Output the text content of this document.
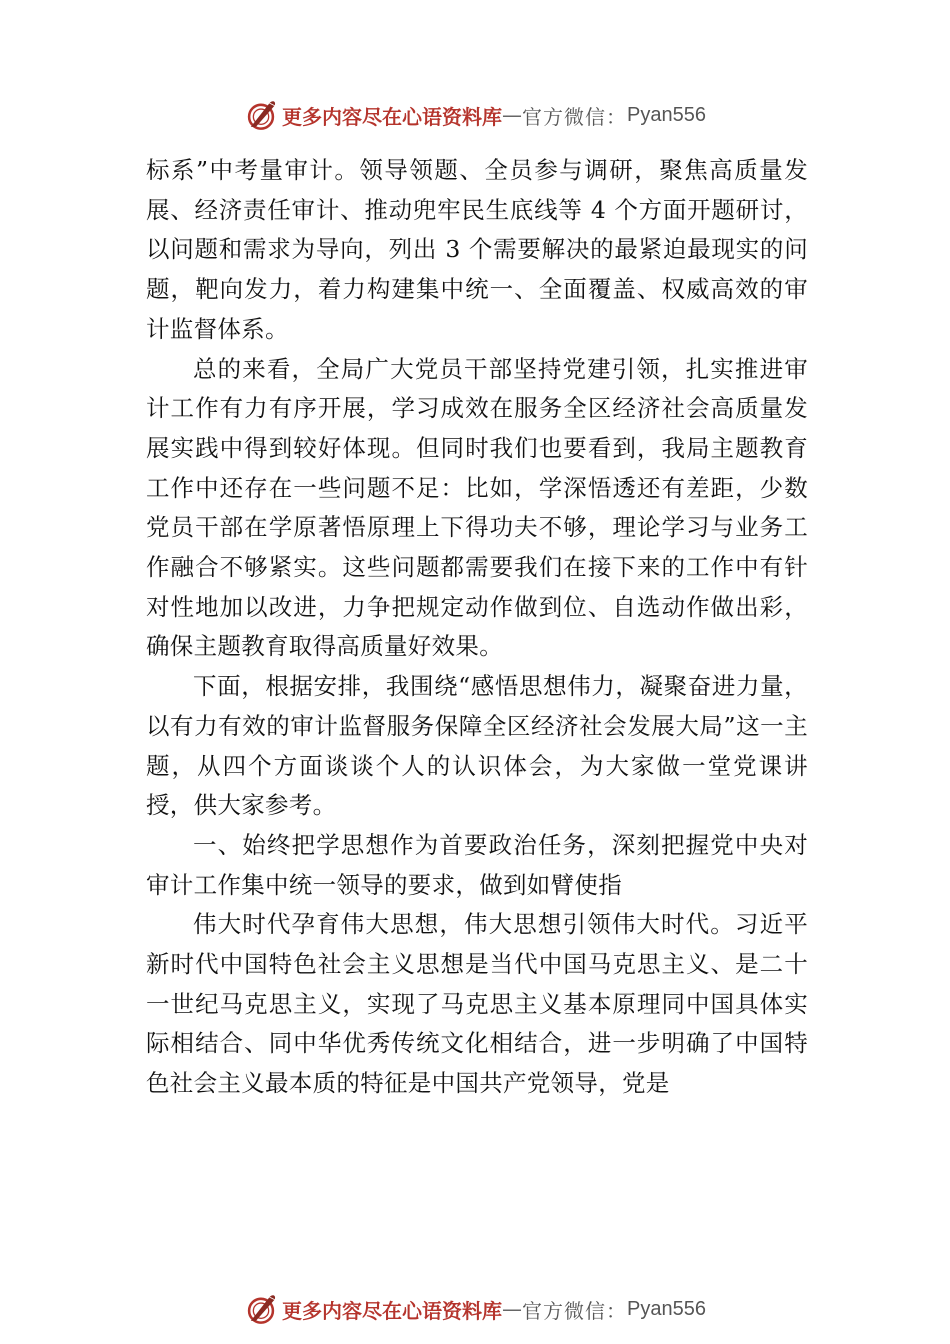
更多内容尽在心语资料库 — 官方微信： Pyan556

标系”中考量审计。领导领题、全员参与调研，聚焦高质量发展、经济责任审计、推动兜牢民生底线等 4 个方面开题研讨，以问题和需求为导向，列出 3 个需要解决的最紧迫最现实的问题，靶向发力，着力构建集中统一、全面覆盖、权威高效的审计监督体系。

总的来看，全局广大党员干部坚持党建引领，扎实推进审计工作有力有序开展，学习成效在服务全区经济社会高质量发展实践中得到较好体现。但同时我们也要看到，我局主题教育工作中还存在一些问题不足：比如，学深悟透还有差距，少数党员干部在学原著悟原理上下得功夫不够，理论学习与业务工作融合不够紧实。这些问题都需要我们在接下来的工作中有针对性地加以改进，力争把规定动作做到位、自选动作做出彩，确保主题教育取得高质量好效果。

下面，根据安排，我围绕“感悟思想伟力，凝聚奋进力量，以有力有效的审计监督服务保障全区经济社会发展大局”这一主题，从四个方面谈谈个人的认识体会，为大家做一堂党课讲授，供大家参考。

一、始终把学思想作为首要政治任务，深刻把握党中央对审计工作集中统一领导的要求，做到如臂使指

伟大时代孕育伟大思想，伟大思想引领伟大时代。习近平新时代中国特色社会主义思想是当代中国马克思主义、是二十一世纪马克思主义，实现了马克思主义基本原理同中国具体实际相结合、同中华优秀传统文化相结合，进一步明确了中国特色社会主义最本质的特征是中国共产党领导，党是

更多内容尽在心语资料库 — 官方微信： Pyan556
